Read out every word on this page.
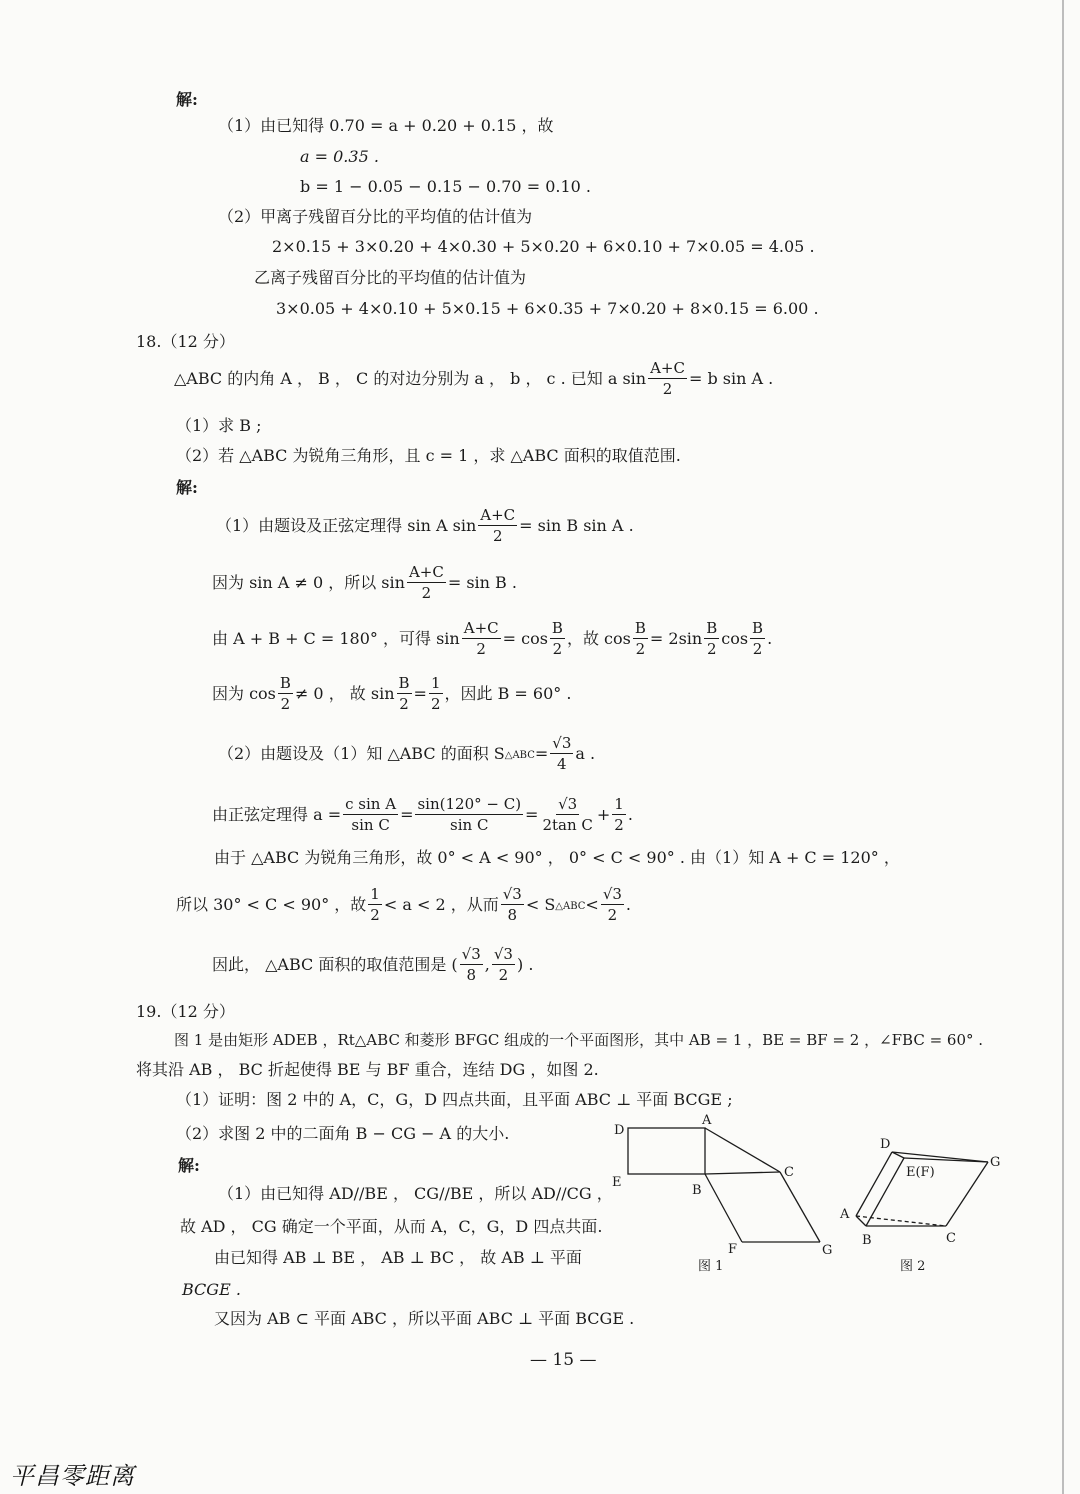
解:
（1）由已知得 0.70 = a + 0.20 + 0.15 ，故
a = 0.35 .
b = 1 − 0.05 − 0.15 − 0.70 = 0.10 .
（2）甲离子残留百分比的平均值的估计值为
2×0.15 + 3×0.20 + 4×0.30 + 5×0.20 + 6×0.10 + 7×0.05 = 4.05 .
乙离子残留百分比的平均值的估计值为
3×0.05 + 4×0.10 + 5×0.15 + 6×0.35 + 7×0.20 + 8×0.15 = 6.00 .
18.（12 分）
△ABC 的内角 A ， B ， C 的对边分别为 a ， b ， c . 已知 a $\sin \frac{A+C}{2} = b$ sin A .
（1）求 B ;
（2）若 △ABC 为锐角三角形，且 c = 1 ，求 △ABC 面积的取值范围.
解:
（1）由题设及正弦定理得 sin A $\sin \frac{A+C}{2} = \sin B$ sin A .
因为 sin A ≠ 0 ，所以 $\sin \frac{A+C}{2} = \sin B$ .
由 A + B + C = 180° ，可得 $\sin \frac{A+C}{2} = \cos \frac{B}{2}$ ，故 $\cos \frac{B}{2} = 2\sin \frac{B}{2}$ $\cos \frac{B}{2}$ .
因为 $\cos \frac{B}{2} \ne 0$ ， 故 $\sin \frac{B}{2} = \frac{1}{2}$ ，因此 B = 60° .
（2）由题设及（1）知 △ABC 的面积 S △ABC = $\frac{√3}{4}$ a .
由正弦定理得 $a = \frac{\text{c sin A}}{\text{sin C}} = \frac{\sin(120^\circ - C)}{\text{sin C}} = \frac{√3}{\text{2tan C}} + \frac{1}{2}$ .
由于 △ABC 为锐角三角形，故 0° < A < 90° ， 0° < C < 90° . 由（1）知 A + C = 120° ，
所以 30° < C < 90° ，故 $\frac{1}{2} < a < 2$ ，从而 $\frac{√3}{8} < S$ △ABC < $\frac{√3}{2}$ .
因此， △ABC 面积的取值范围是 ( $\frac{√3}{8}$ , $\frac{√3}{2}$ ) .
19.（12 分）
图 1 是由矩形 ADEB ，Rt△ABC 和菱形 BFGC 组成的一个平面图形，其中 AB = 1 ，BE = BF = 2 ，∠FBC = 60° .
将其沿 AB ， BC 折起使得 BE 与 BF 重合，连结 DG ，如图 2.
（1）证明：图 2 中的 A，C，G，D 四点共面，且平面 ABC ⊥ 平面 BCGE ;
（2）求图 2 中的二面角 B − CG − A 的大小.
解:
（1）由已知得 AD//BE ， CG//BE ，所以 AD//CG ，
故 AD ， CG 确定一个平面，从而 A，C，G，D 四点共面.
由已知得 AB ⊥ BE ， AB ⊥ BC ， 故 AB ⊥ 平面
BCGE .
又因为 AB ⊂ 平面 ABC ，所以平面 ABC ⊥ 平面 BCGE .
D
A
E
B
C
F	G
图 1
D
E(F)
G
A
B	C
图 2
— 15 —
平昌零距离
